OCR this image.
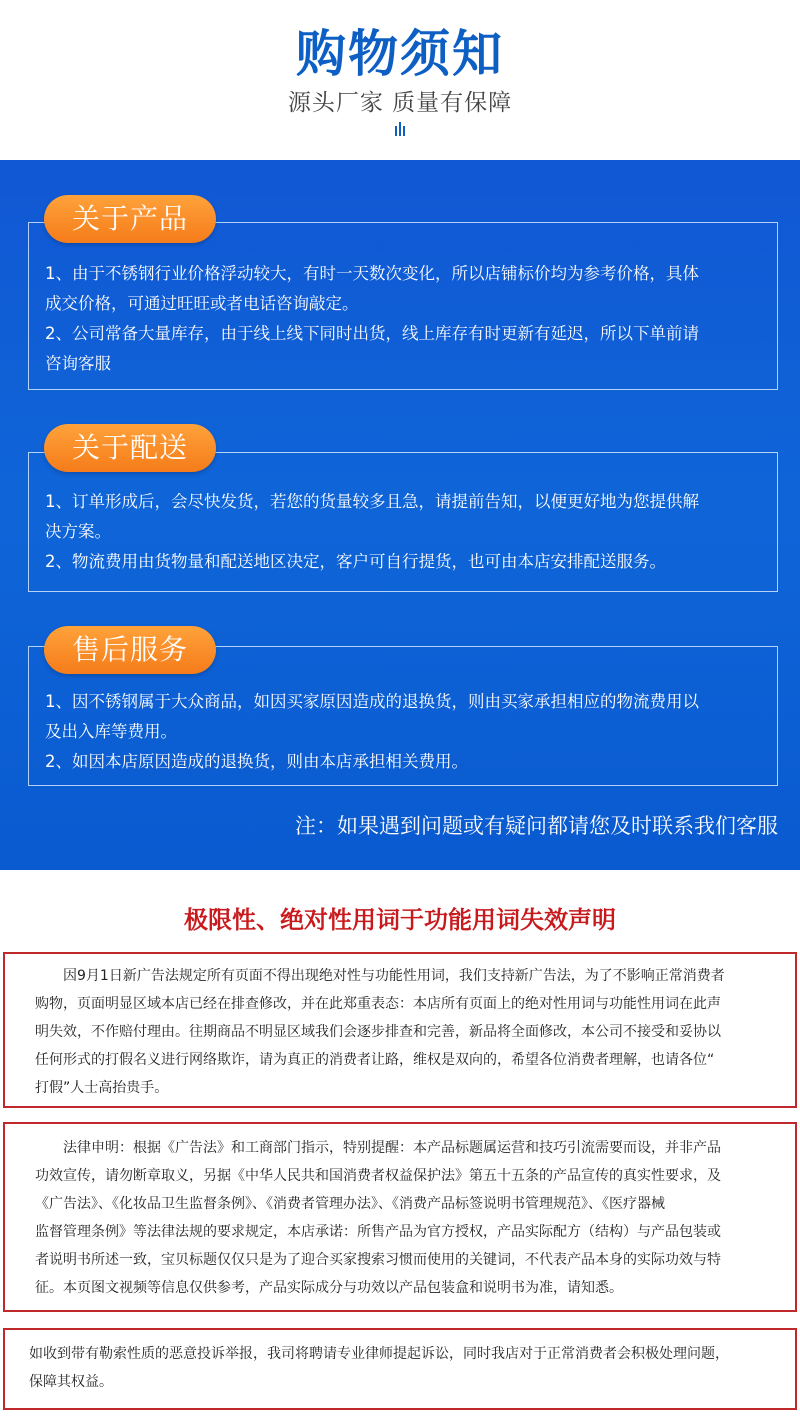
购物须知
源头厂家 质量有保障

1、由于不锈钢行业价格浮动较大，有时一天数次变化，所以店铺标价均为参考价格，具体

成交价格，可通过旺旺或者电话咨询敲定。

2、公司常备大量库存，由于线上线下同时出货，线上库存有时更新有延迟，所以下单前请

咨询客服

关于产品

1、订单形成后，会尽快发货，若您的货量较多且急，请提前告知，以便更好地为您提供解

决方案。

2、物流费用由货物量和配送地区决定，客户可自行提货，也可由本店安排配送服务。

关于配送

1、因不锈钢属于大众商品，如因买家原因造成的退换货，则由买家承担相应的物流费用以

及出入库等费用。

2、如因本店原因造成的退换货，则由本店承担相关费用。

售后服务
注：如果遇到问题或有疑问都请您及时联系我们客服
极限性、绝对性用词于功能用词失效声明

　　因9月1日新广告法规定所有页面不得出现绝对性与功能性用词，我们支持新广告法，为了不影响正常消费者

购物，页面明显区域本店已经在排查修改，并在此郑重表态：本店所有页面上的绝对性用词与功能性用词在此声

明失效，不作赔付理由。往期商品不明显区域我们会逐步排查和完善，新品将全面修改，本公司不接受和妥协以

任何形式的打假名义进行网络欺诈，请为真正的消费者让路，维权是双向的，希望各位消费者理解，也请各位“

打假”人士高抬贵手。

　　法律申明：根据《广告法》和工商部门指示，特别提醒：本产品标题属运营和技巧引流需要而设，并非产品

功效宣传，请勿断章取义，另据《中华人民共和国消费者权益保护法》第五十五条的产品宣传的真实性要求，及

《广告法》、《化妆品卫生监督条例》、《消费者管理办法》、《消费产品标签说明书管理规范》、《医疗器械

监督管理条例》等法律法规的要求规定，本店承诺：所售产品为官方授权，产品实际配方（结构）与产品包装或

者说明书所述一致，宝贝标题仅仅只是为了迎合买家搜索习惯而使用的关键词，不代表产品本身的实际功效与特

征。本页图文视频等信息仅供参考，产品实际成分与功效以产品包装盒和说明书为准，请知悉。

如收到带有勒索性质的恶意投诉举报，我司将聘请专业律师提起诉讼，同时我店对于正常消费者会积极处理问题，

保障其权益。
